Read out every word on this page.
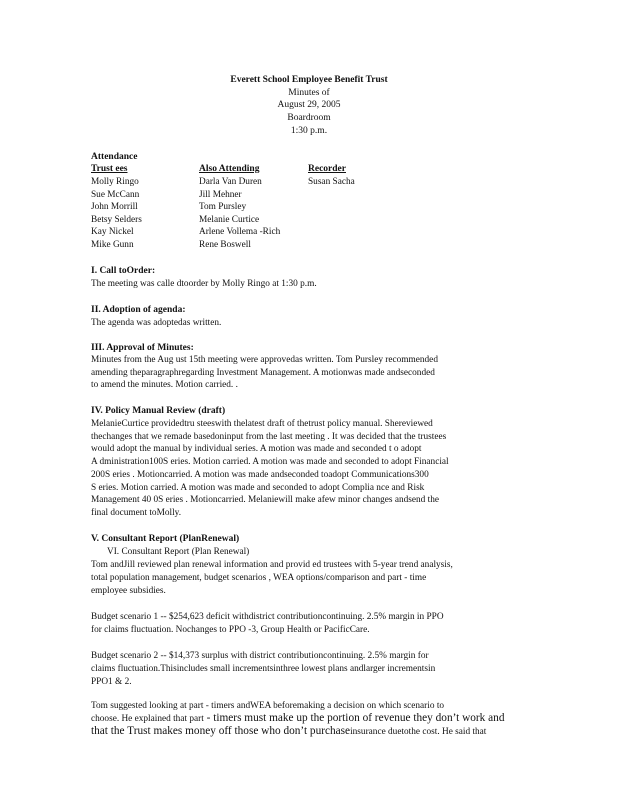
Everett School Employee Benefit Trust
Minutes of
August 29, 2005
Boardroom
1:30 p.m.
Attendance
Trust ees	Also Attending	Recorder
Molly Ringo
Sue McCann
John Morrill
Betsy Selders
Kay Nickel
Mike Gunn
Darla Van Duren
Jill Mehner
Tom Pursley
Melanie Curtice
Arlene Vollema -Rich
Rene Boswell
Susan Sacha
I. Call toOrder:
The meeting was calle dtoorder by Molly Ringo at 1:30 p.m.
II. Adoption of agenda:
The agenda was adoptedas written.
III. Approval of Minutes:
Minutes from the Aug ust 15th meeting were approvedas written. Tom Pursley recommended
amending theparagraphregarding Investment Management. A motionwas made andseconded
to amend the minutes. Motion carried. .
IV. Policy Manual Review (draft)
MelanieCurtice providedtru steeswith thelatest draft of thetrust policy manual. Shereviewed
thechanges that we remade basedoninput from the last meeting . It was decided that the trustees
would adopt the manual by individual series. A motion was made and seconded t o adopt
A dministration100S eries. Motion carried. A motion was made and seconded to adopt Financial
200S eries . Motioncarried. A motion was made andseconded toadopt Communications300
S eries. Motion carried. A motion was made and seconded to adopt Complia nce and Risk
Management 40 0S eries . Motioncarried. Melaniewill make afew minor changes andsend the
final document toMolly.
V. Consultant Report (PlanRenewal)
VI. Consultant Report (Plan Renewal)
Tom andJill reviewed plan renewal information and provid ed trustees with 5-year trend analysis,
total population management, budget scenarios , WEA options/comparison and part - time
employee subsidies.
Budget scenario 1 -- $254,623 deficit withdistrict contributioncontinuing. 2.5% margin in PPO
for claims fluctuation. Nochanges to PPO -3, Group Health or PacificCare.
Budget scenario 2 -- $14,373 surplus with district contributioncontinuing. 2.5% margin for
claims fluctuation.Thisincludes small incrementsinthree lowest plans andlarger incrementsin
PPO1 & 2.
Tom suggested looking at part - timers andWEA beforemaking a decision on which scenario to
choose. He explained that part - timers must make up the portion of revenue they don’t work and
that the Trust makes money off those who don’t purchaseinsurance duetothe cost. He said that
